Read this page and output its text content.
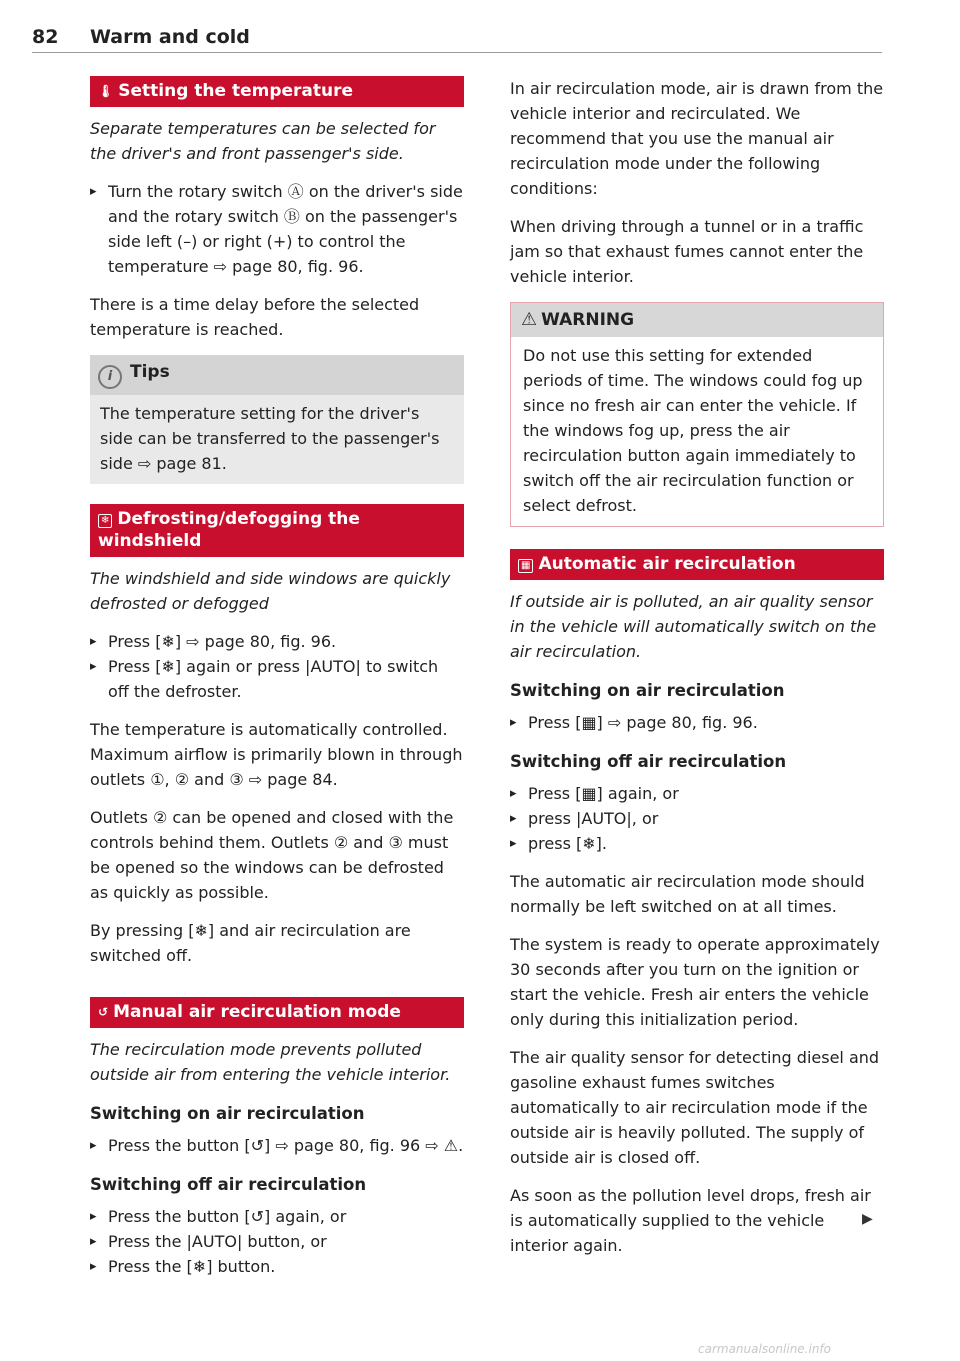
82 Warm and cold
🌡︎ Setting the temperature

Separate temperatures can be selected for the driver's and front passenger's side.

▸ Turn the rotary switch Ⓐ on the driver's side and the rotary switch Ⓑ on the passenger's side left (–) or right (+) to control the temperature ⇨ page 80, fig. 96.

There is a time delay before the selected temperature is reached.

i Tips
The temperature setting for the driver's side can be transferred to the passenger's side ⇨ page 81.
❄ Defrosting/defogging the windshield

The windshield and side windows are quickly defrosted or defogged

▸ Press [❄] ⇨ page 80, fig. 96.
▸ Press [❄] again or press |AUTO| to switch off the defroster.

The temperature is automatically controlled. Maximum airflow is primarily blown in through outlets ①, ② and ③ ⇨ page 84.

Outlets ② can be opened and closed with the controls behind them. Outlets ② and ③ must be opened so the windows can be defrosted as quickly as possible.

By pressing [❄] and air recirculation are switched off.

↺ Manual air recirculation mode

The recirculation mode prevents polluted outside air from entering the vehicle interior.

Switching on air recirculation
▸ Press the button [↺] ⇨ page 80, fig. 96 ⇨ ⚠.
Switching off air recirculation
▸ Press the button [↺] again, or
▸ Press the |AUTO| button, or
▸ Press the [❄] button.

In air recirculation mode, air is drawn from the vehicle interior and recirculated. We recommend that you use the manual air recirculation mode under the following conditions:

When driving through a tunnel or in a traffic jam so that exhaust fumes cannot enter the vehicle interior.

⚠ WARNING
Do not use this setting for extended periods of time. The windows could fog up since no fresh air can enter the vehicle. If the windows fog up, press the air recirculation button again immediately to switch off the air recirculation function or select defrost.
▦ Automatic air recirculation

If outside air is polluted, an air quality sensor in the vehicle will automatically switch on the air recirculation.

Switching on air recirculation
▸ Press [▦] ⇨ page 80, fig. 96.
Switching off air recirculation
▸ Press [▦] again, or
▸ press |AUTO|, or
▸ press [❄].

The automatic air recirculation mode should normally be left switched on at all times.

The system is ready to operate approximately 30 seconds after you turn on the ignition or start the vehicle. Fresh air enters the vehicle only during this initialization period.

The air quality sensor for detecting diesel and gasoline exhaust fumes switches automatically to air recirculation mode if the outside air is heavily polluted. The supply of outside air is closed off.

As soon as the pollution level drops, fresh air is automatically supplied to the vehicle interior again.

▶
carmanualsonline.info
